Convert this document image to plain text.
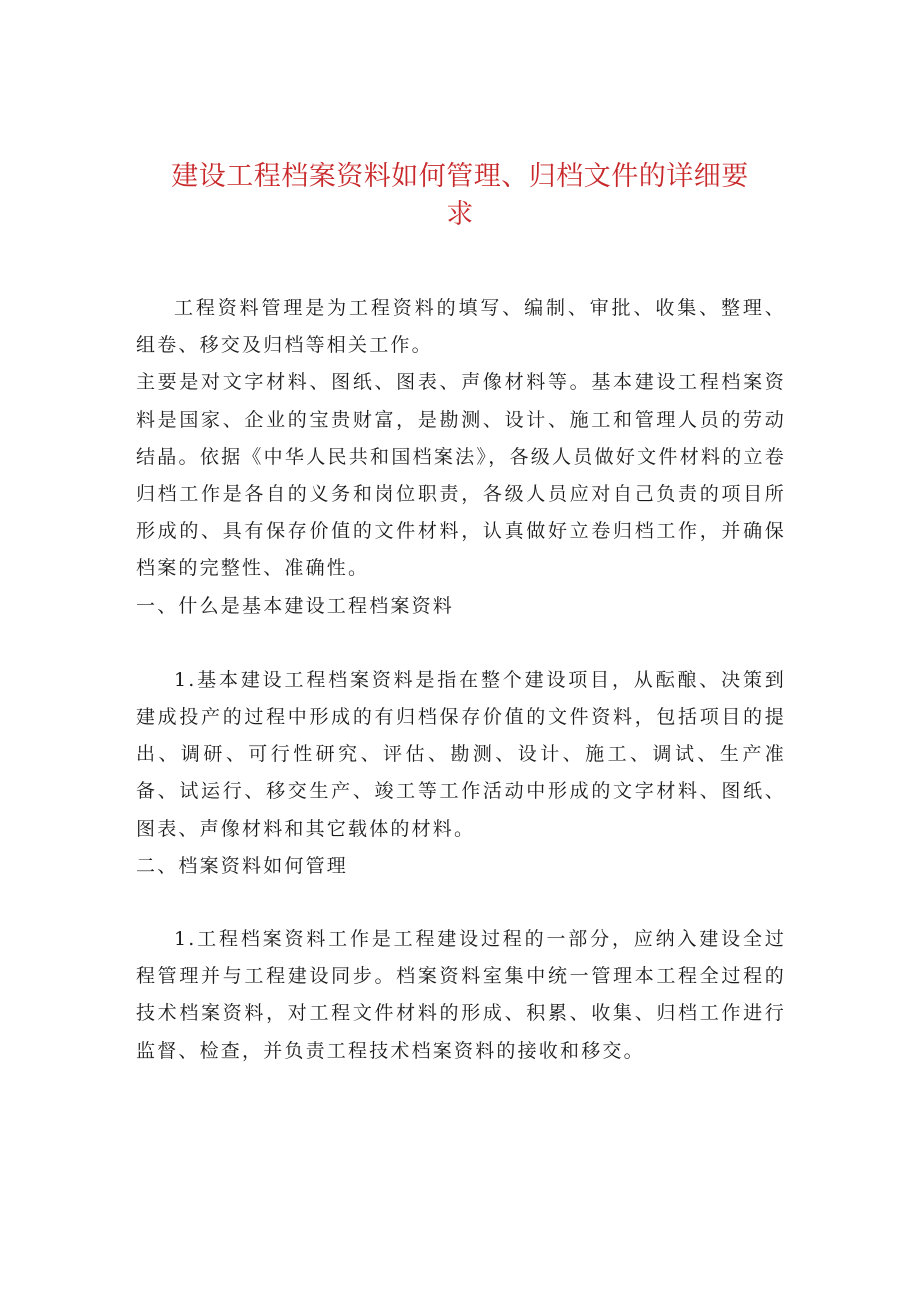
建设工程档案资料如何管理、归档文件的详细要
求

工程资料管理是为工程资料的填写、编制、审批、收集、整理、组卷、移交及归档等相关工作。

主要是对文字材料、图纸、图表、声像材料等。基本建设工程档案资料是国家、企业的宝贵财富，是勘测、设计、施工和管理人员的劳动结晶。依据《中华人民共和国档案法》，各级人员做好文件材料的立卷归档工作是各自的义务和岗位职责，各级人员应对自己负责的项目所形成的、具有保存价值的文件材料，认真做好立卷归档工作，并确保档案的完整性、准确性。

一、什么是基本建设工程档案资料

1.基本建设工程档案资料是指在整个建设项目，从酝酿、决策到建成投产的过程中形成的有归档保存价值的文件资料，包括项目的提出、调研、可行性研究、评估、勘测、设计、施工、调试、生产准备、试运行、移交生产、竣工等工作活动中形成的文字材料、图纸、图表、声像材料和其它载体的材料。

二、档案资料如何管理

1.工程档案资料工作是工程建设过程的一部分，应纳入建设全过程管理并与工程建设同步。档案资料室集中统一管理本工程全过程的技术档案资料，对工程文件材料的形成、积累、收集、归档工作进行监督、检查，并负责工程技术档案资料的接收和移交。
